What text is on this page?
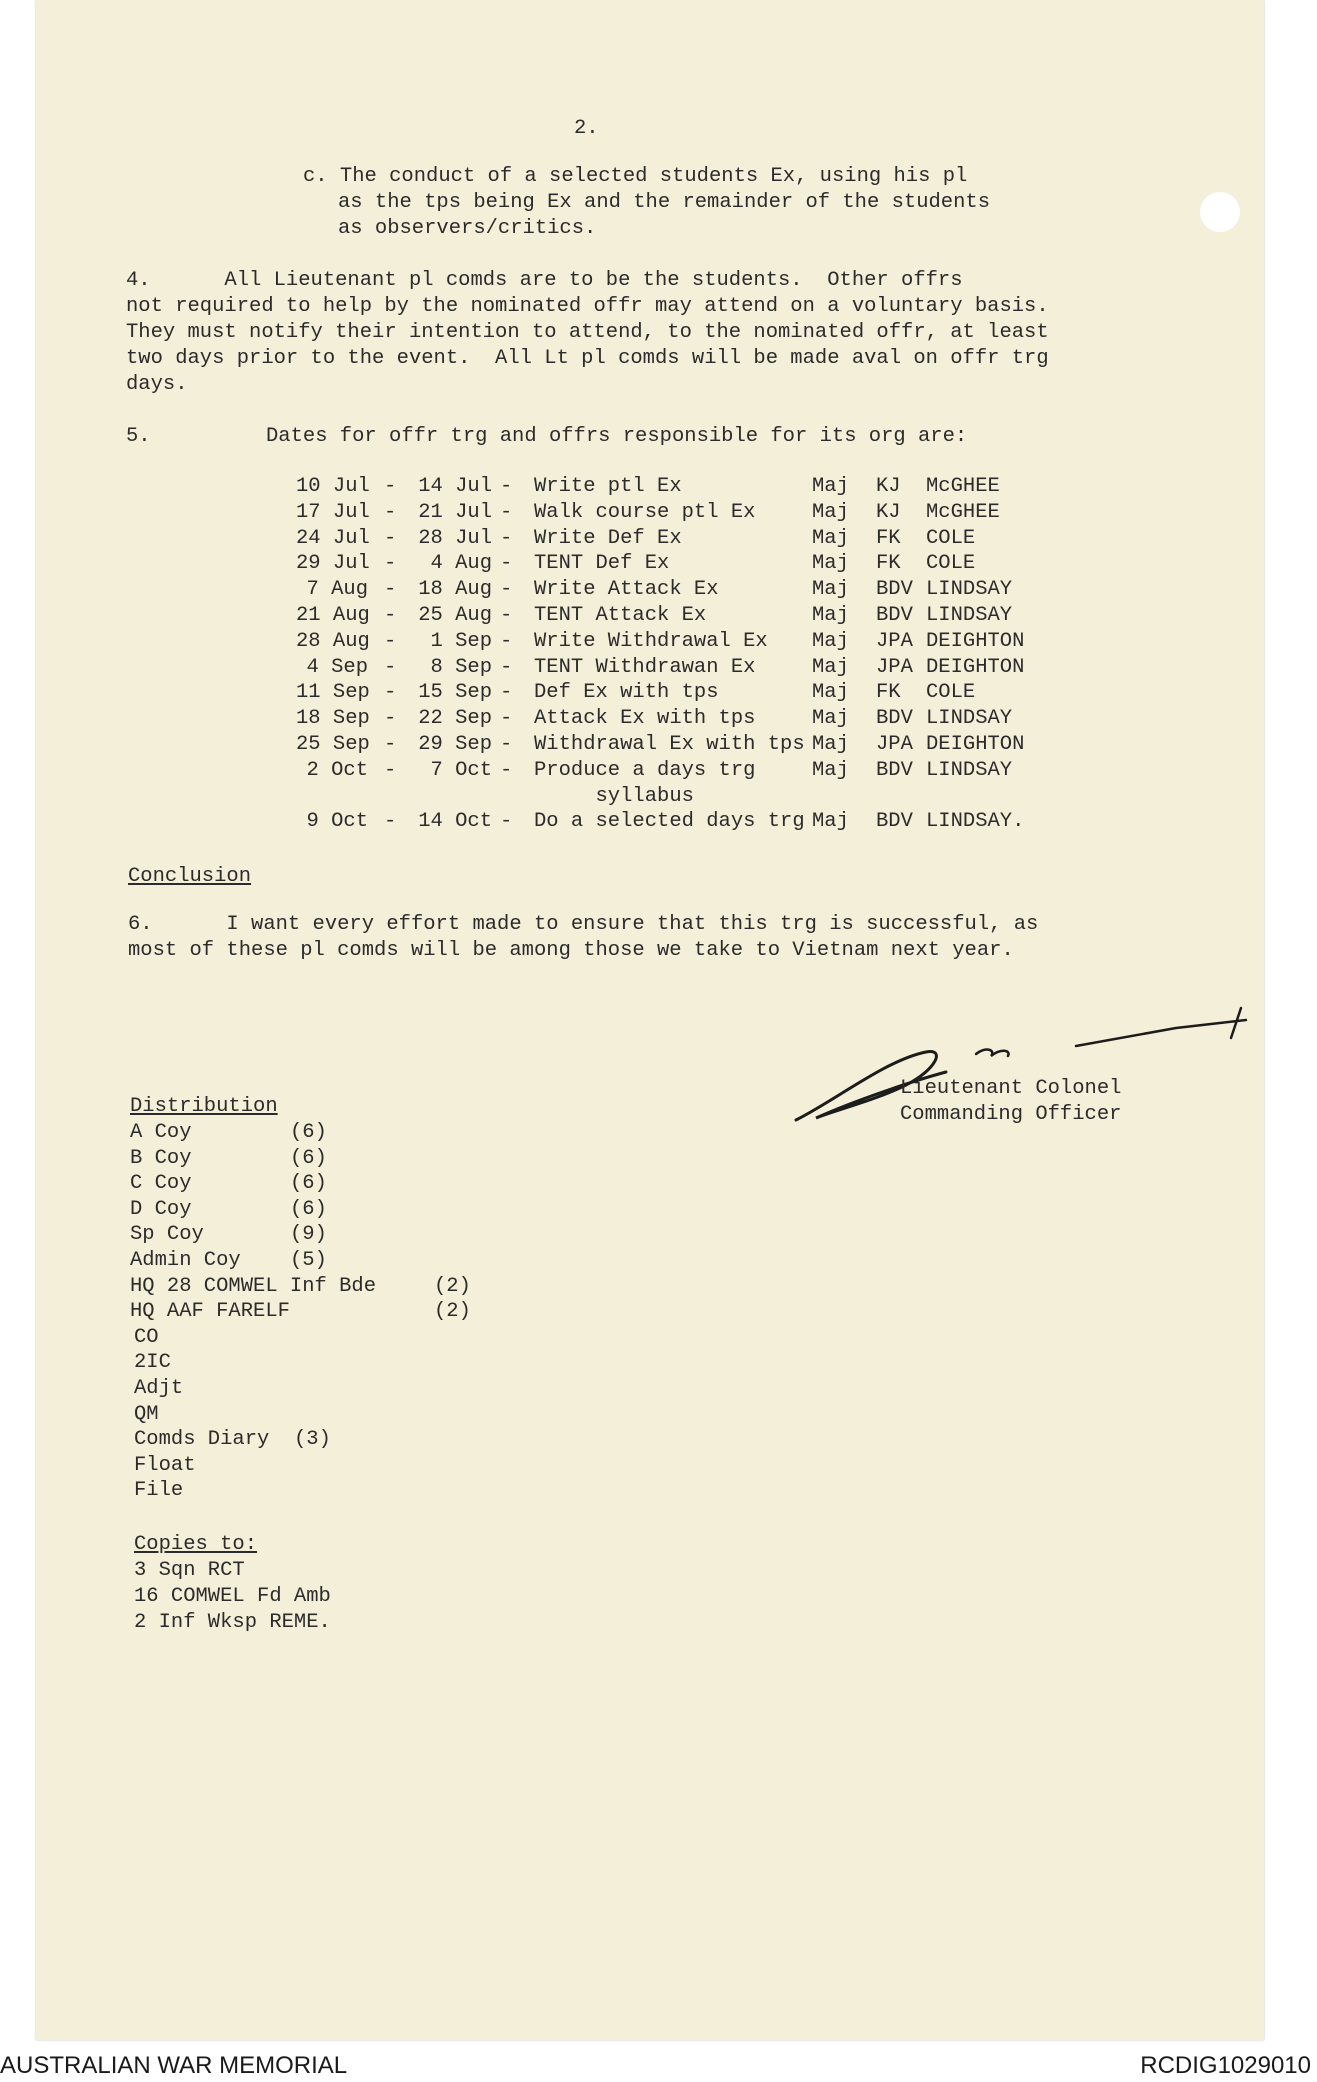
2.
c. The conduct of a selected students Ex, using his pl
as the tps being Ex and the remainder of the students
as observers/critics.
4.      All Lieutenant pl comds are to be the students.  Other offrs
not required to help by the nominated offr may attend on a voluntary basis.
They must notify their intention to attend, to the nominated offr, at least
two days prior to the event.  All Lt pl comds will be made aval on offr trg
days.
5.	Dates for offr trg and offrs responsible for its org are:
10 Jul -	14 Jul - Write ptl Ex	Maj KJ McGHEE
17 Jul -	21 Jul - Walk course ptl Ex	Maj KJ McGHEE
24 Jul -	28 Jul - Write Def Ex	Maj FK COLE
29 Jul -	4 Aug - TENT Def Ex	Maj FK COLE
7 Aug -	18 Aug - Write Attack Ex	Maj BDV LINDSAY
21 Aug -	25 Aug - TENT Attack Ex	Maj BDV LINDSAY
28 Aug -	1 Sep - Write Withdrawal Ex Maj JPA DEIGHTON
4 Sep -	8 Sep - TENT Withdrawan Ex	Maj JPA DEIGHTON
11 Sep -	15 Sep - Def Ex with tps	Maj FK COLE
18 Sep -	22 Sep - Attack Ex with tps	Maj BDV LINDSAY
25 Sep -	29 Sep - Withdrawal Ex with tps Maj JPA DEIGHTON
2 Oct -	7 Oct - Produce a days trg	Maj BDV LINDSAY
syllabus
9 Oct -	14 Oct - Do a selected days trg Maj BDV LINDSAY.
Conclusion
6.      I want every effort made to ensure that this trg is successful, as
most of these pl comds will be among those we take to Vietnam next year.
Lieutenant Colonel
Commanding Officer
Distribution
A Coy	(6)
B Coy	(6)
C Coy	(6)
D Coy	(6)
Sp Coy	(9)
Admin Coy (5)
HQ 28 COMWEL Inf Bde	(2)
HQ AAF FARELF	(2)
CO
2IC
Adjt
QM
Comds Diary (3)
Float
File
Copies to:
3 Sqn RCT
16 COMWEL Fd Amb
2 Inf Wksp REME.
AUSTRALIAN WAR MEMORIAL	RCDIG1029010
